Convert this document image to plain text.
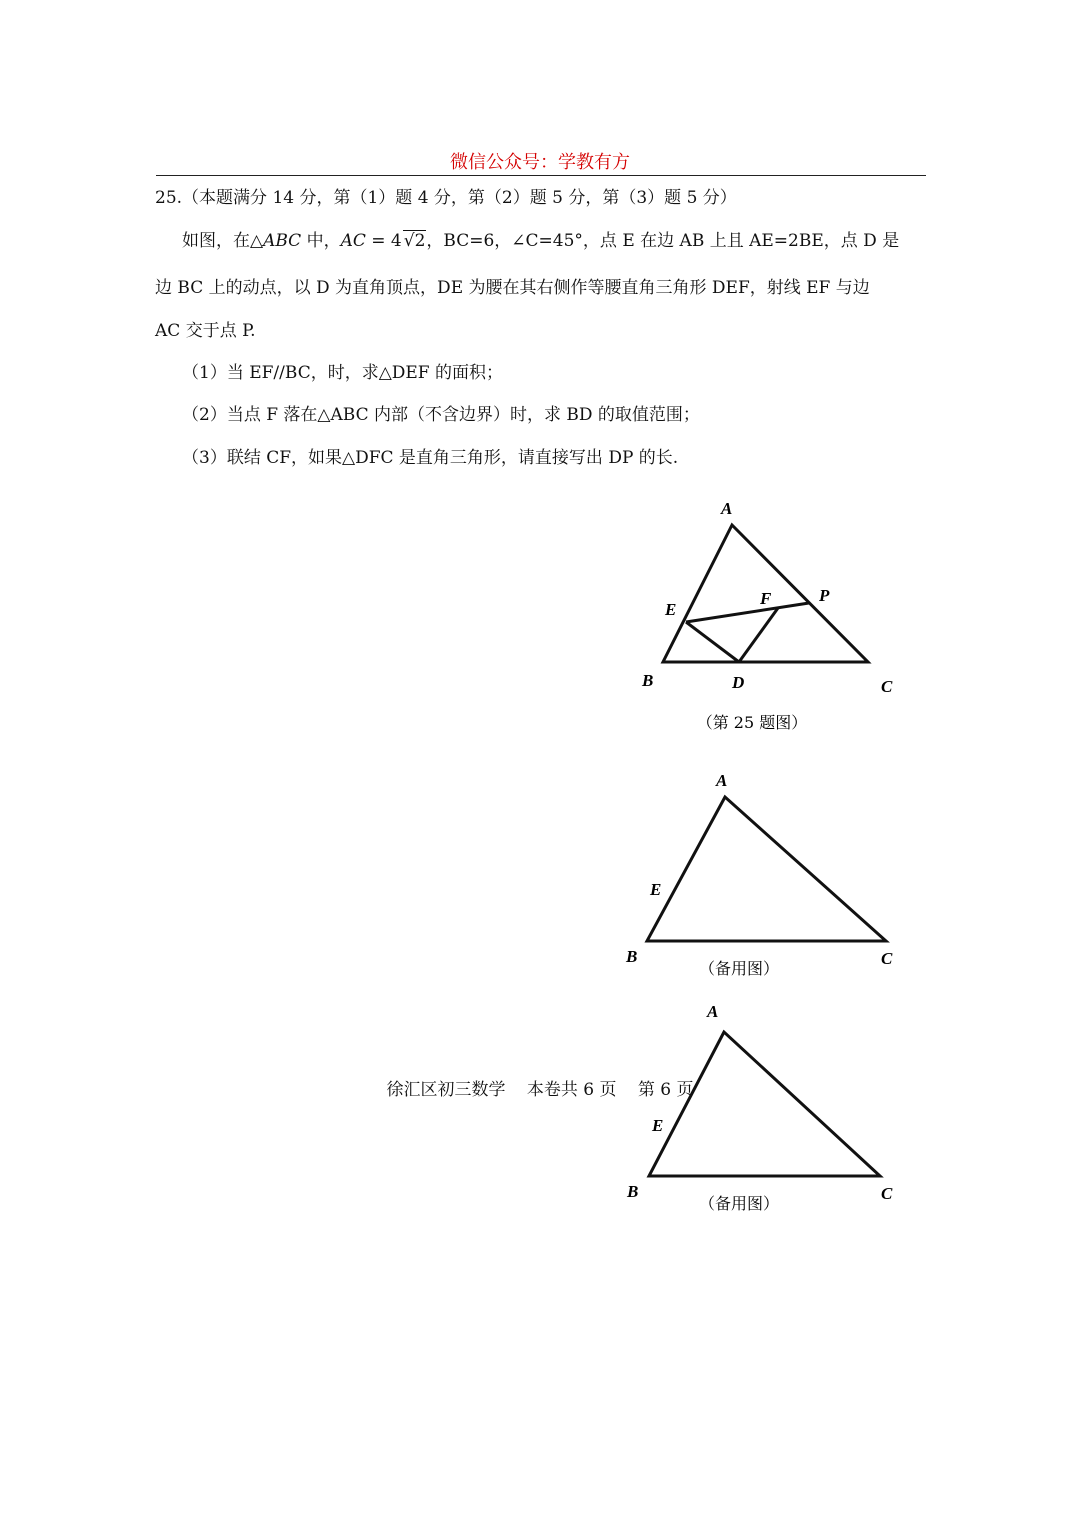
微信公众号：学教有方
25.（本题满分 14 分，第（1）题 4 分，第（2）题 5 分，第（3）题 5 分）
如图，在△ABC 中，AC = 4 √2，BC=6，∠C=45°，点 E 在边 AB 上且 AE=2BE，点 D 是
边 BC 上的动点，以 D 为直角顶点，DE 为腰在其右侧作等腰直角三角形 DEF，射线 EF 与边
AC 交于点 P.
（1）当 EF//BC，时，求△DEF 的面积；
（2）当点 F 落在△ABC 内部（不含边界）时，求 BD 的取值范围；
（3）联结 CF，如果△DFC 是直角三角形，请直接写出 DP 的长.
A
E
F	P
B	D	C
（第 25 题图）
A
E
B	C
（备用图）
A
E
B	C
（备用图）
徐汇区初三数学 本卷共 6 页 第 6 页
